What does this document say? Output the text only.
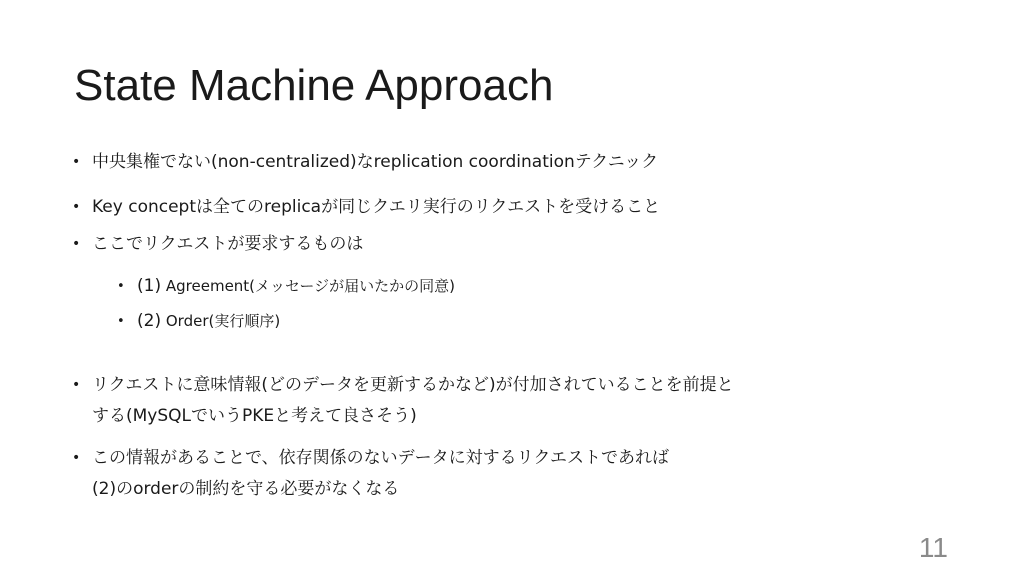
State Machine Approach
• 中央集権でない(non-centralized)なreplication coordinationテクニック
• Key conceptは全てのreplicaが同じクエリ実行のリクエストを受けること
• ここでリクエストが要求するものは
• (1) Agreement(メッセージが届いたかの同意)
• (2) Order(実行順序)
• リクエストに意味情報(どのデータを更新するかなど)が付加されていることを前提と
する(MySQLでいうPKEと考えて良さそう)
• この情報があることで、依存関係のないデータに対するリクエストであれば
(2)のorderの制約を守る必要がなくなる
11
